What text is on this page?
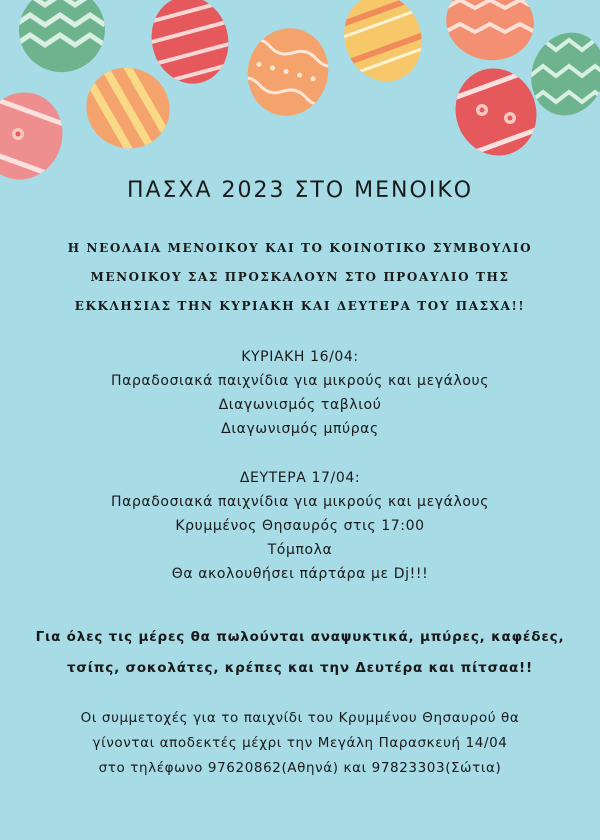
ΠΑΣΧΑ 2023 ΣΤΟ ΜΕΝΟΙΚΟ
Η ΝΕΟΛΑΙΑ ΜΕΝΟΙΚΟΥ ΚΑΙ ΤΟ ΚΟΙΝΟΤΙΚΟ ΣΥΜΒΟΥΛΙΟ
ΜΕΝΟΙΚΟΥ ΣΑΣ ΠΡΟΣΚΑΛΟΥΝ ΣΤΟ ΠΡΟΑΥΛΙΟ ΤΗΣ
ΕΚΚΛΗΣΙΑΣ ΤΗΝ ΚΥΡΙΑΚΗ ΚΑΙ ΔΕΥΤΕΡΑ ΤΟΥ ΠΑΣΧΑ!!
ΚΥΡΙΑΚΗ 16/04:
Παραδοσιακά παιχνίδια για μικρούς και μεγάλους
Διαγωνισμός ταβλιού
Διαγωνισμός μπύρας
ΔΕΥΤΕΡΑ 17/04:
Παραδοσιακά παιχνίδια για μικρούς και μεγάλους
Κρυμμένος Θησαυρός στις 17:00
Τόμπολα
Θα ακολουθήσει πάρτάρα με Dj!!!
Για όλες τις μέρες θα πωλούνται αναψυκτικά, μπύρες, καφέδες,
τσίπς, σοκολάτες, κρέπες και την Δευτέρα και πίτσαα!!
Οι συμμετοχές για το παιχνίδι του Κρυμμένου Θησαυρού θα
γίνονται αποδεκτές μέχρι την Μεγάλη Παρασκευή 14/04
στο τηλέφωνο 97620862(Αθηνά) και 97823303(Σώτια)
